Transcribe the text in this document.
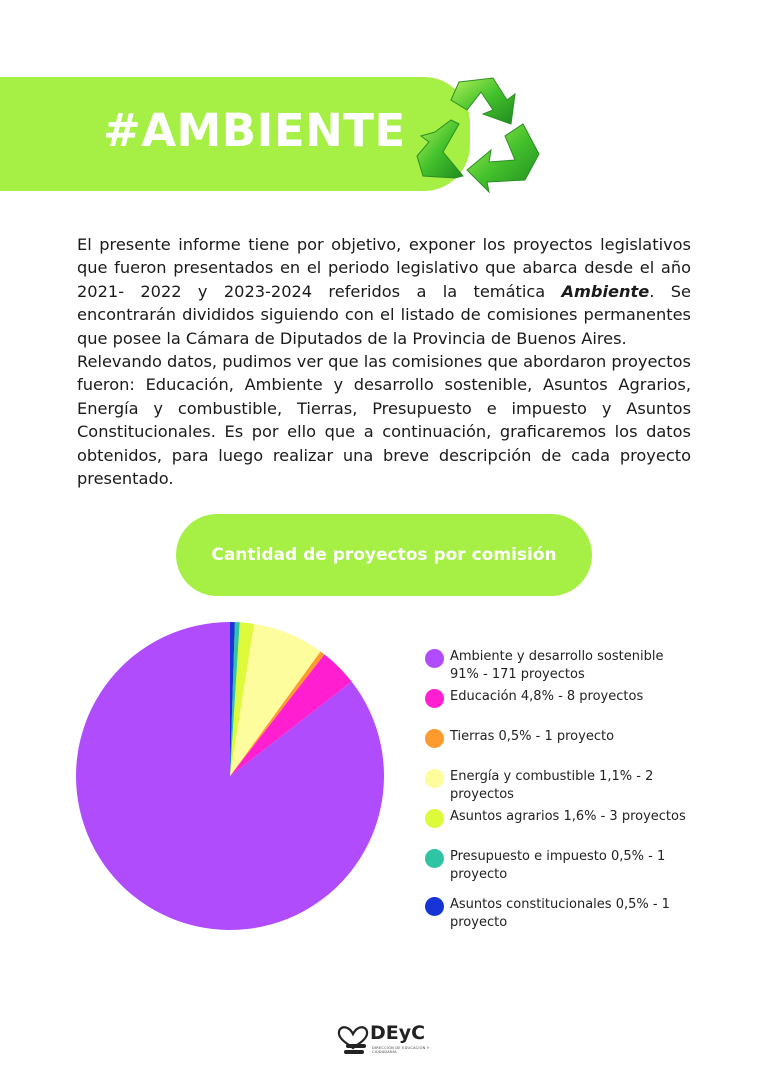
#AMBIENTE

El presente informe tiene por objetivo, exponer los proyectos legislativos que fueron presentados en el periodo legislativo que abarca desde el año 2021- 2022 y 2023-2024 referidos a la temática Ambiente. Se encontrarán divididos siguiendo con el listado de comisiones permanentes que posee la Cámara de Diputados de la Provincia de Buenos Aires.

Relevando datos, pudimos ver que las comisiones que abordaron proyectos fueron: Educación, Ambiente y desarrollo sostenible, Asuntos Agrarios, Energía y combustible, Tierras, Presupuesto e impuesto y Asuntos Constitucionales. Es por ello que a continuación, graficaremos los datos obtenidos, para luego realizar una breve descripción de cada proyecto presentado.

Cantidad de proyectos por comisión
Ambiente y desarrollo sostenible
91% - 171 proyectos
Educación 4,8% - 8 proyectos
Tierras 0,5% - 1 proyecto
Energía y combustible 1,1% - 2
proyectos
Asuntos agrarios 1,6% - 3 proyectos
Presupuesto e impuesto 0,5% - 1
proyecto
Asuntos constitucionales 0,5% - 1
proyecto
DEyC
DIRECCIÓN DE EDUCACIÓN Y CIUDADANÍA
